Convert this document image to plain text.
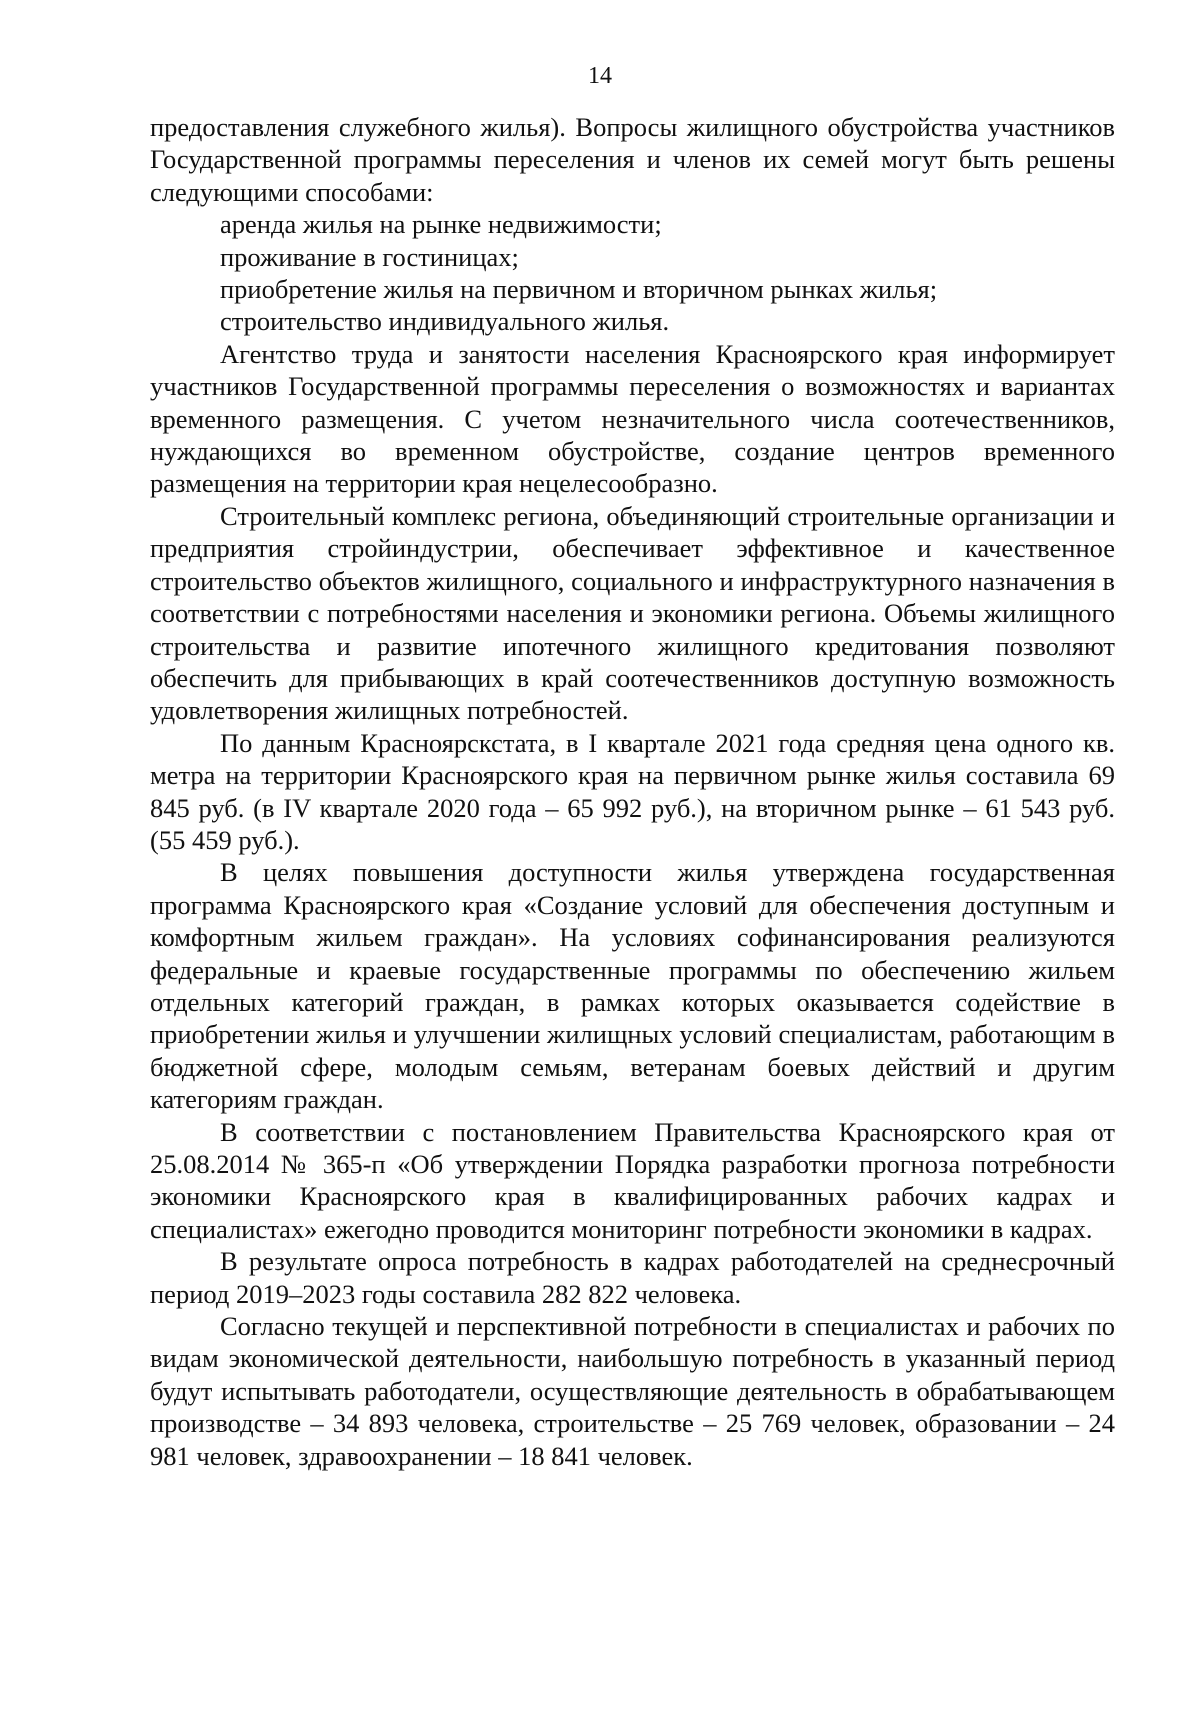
14

предоставления служебного жилья). Вопросы жилищного обустройства участников Государственной программы переселения и членов их семей могут быть решены следующими способами:

аренда жилья на рынке недвижимости;

проживание в гостиницах;

приобретение жилья на первичном и вторичном рынках жилья;

строительство индивидуального жилья.

Агентство труда и занятости населения Красноярского края информирует участников Государственной программы переселения о возможностях и вариантах временного размещения. С учетом незначительного числа соотечественников, нуждающихся во временном обустройстве, создание центров временного размещения на территории края нецелесообразно.

Строительный комплекс региона, объединяющий строительные организации и предприятия стройиндустрии, обеспечивает эффективное и качественное строительство объектов жилищного, социального и инфраструктурного назначения в соответствии с потребностями населения и экономики региона. Объемы жилищного строительства и развитие ипотечного жилищного кредитования позволяют обеспечить для прибывающих в край соотечественников доступную возможность удовлетворения жилищных потребностей.

По данным Красноярскстата, в I квартале 2021 года средняя цена одного кв. метра на территории Красноярского края на первичном рынке жилья составила 69 845 руб. (в IV квартале 2020 года – 65 992 руб.), на вторичном рынке – 61 543 руб. (55 459 руб.).

В целях повышения доступности жилья утверждена государственная программа Красноярского края «Создание условий для обеспечения доступным и комфортным жильем граждан». На условиях софинансирования реализуются федеральные и краевые государственные программы по обеспечению жильем отдельных категорий граждан, в рамках которых оказывается содействие в приобретении жилья и улучшении жилищных условий специалистам, работающим в бюджетной сфере, молодым семьям, ветеранам боевых действий и другим категориям граждан.

В соответствии с постановлением Правительства Красноярского края от 25.08.2014 № 365-п «Об утверждении Порядка разработки прогноза потребности экономики Красноярского края в квалифицированных рабочих кадрах и специалистах» ежегодно проводится мониторинг потребности экономики в кадрах.

В результате опроса потребность в кадрах работодателей на среднесрочный период 2019–2023 годы составила 282 822 человека.

Согласно текущей и перспективной потребности в специалистах и рабочих по видам экономической деятельности, наибольшую потребность в указанный период будут испытывать работодатели, осуществляющие деятельность в обрабатывающем производстве – 34 893 человека, строительстве – 25 769 человек, образовании – 24 981 человек, здравоохранении – 18 841 человек.
